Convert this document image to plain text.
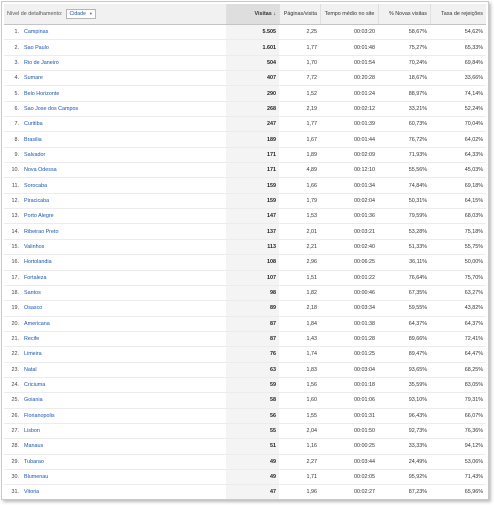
Nível de detalhamento: Cidade ▼	Visitas ↓	Páginas/visita	Tempo médio no site	% Novas visitas	Taxa de rejeições
1. Campinas	5.505	2,25	00:03:20	58,67%	54,62%
2. Sao Paulo	1.601	1,77	00:01:48	75,27%	65,33%
3. Rio de Janeiro	504	1,70	00:01:54	70,24%	69,84%
4. Sumare	407	7,72	00:20:28	18,67%	33,66%
5. Belo Horizonte	290	1,52	00:01:24	88,97%	74,14%
6. Sao Jose dos Campos	268	2,19	00:02:12	33,21%	52,24%
7. Curitiba	247	1,77	00:01:39	60,73%	70,04%
8. Brasilia	189	1,67	00:01:44	76,72%	64,02%
9. Salvador	171	1,89	00:02:09	71,93%	64,33%
10. Nova Odessa	171	4,89	00:12:10	55,56%	45,03%
11. Sorocaba	159	1,66	00:01:34	74,84%	69,18%
12. Piracicaba	159	1,79	00:02:04	50,31%	64,15%
13. Porto Alegre	147	1,53	00:01:36	79,59%	68,03%
14. Ribeirao Preto	137	2,01	00:03:21	53,28%	75,18%
15. Valinhos	113	2,21	00:02:40	51,33%	55,75%
16. Hortolandia	108	2,96	00:06:25	36,11%	50,00%
17. Fortaleza	107	1,51	00:01:22	76,64%	75,70%
18. Santos	98	1,82	00:00:46	67,35%	63,27%
19. Osasco	89	2,18	00:03:34	59,55%	43,82%
20. Americana	87	1,84	00:01:38	64,37%	64,37%
21. Recife	87	1,43	00:01:28	89,66%	72,41%
22. Limeira	76	1,74	00:01:25	89,47%	64,47%
23. Natal	63	1,83	00:03:04	93,65%	68,25%
24. Criciuma	59	1,56	00:01:18	35,59%	83,05%
25. Goiania	58	1,60	00:01:06	93,10%	79,31%
26. Florianopolis	56	1,55	00:01:31	96,43%	66,07%
27. Lisbon	55	2,04	00:01:50	92,73%	76,36%
28. Manaus	51	1,16	00:00:25	33,33%	94,12%
29. Tubarao	49	2,27	00:03:44	24,49%	53,06%
30. Blumenau	49	1,71	00:02:05	95,92%	71,43%
31. Vitoria	47	1,96	00:02:27	87,23%	65,96%
